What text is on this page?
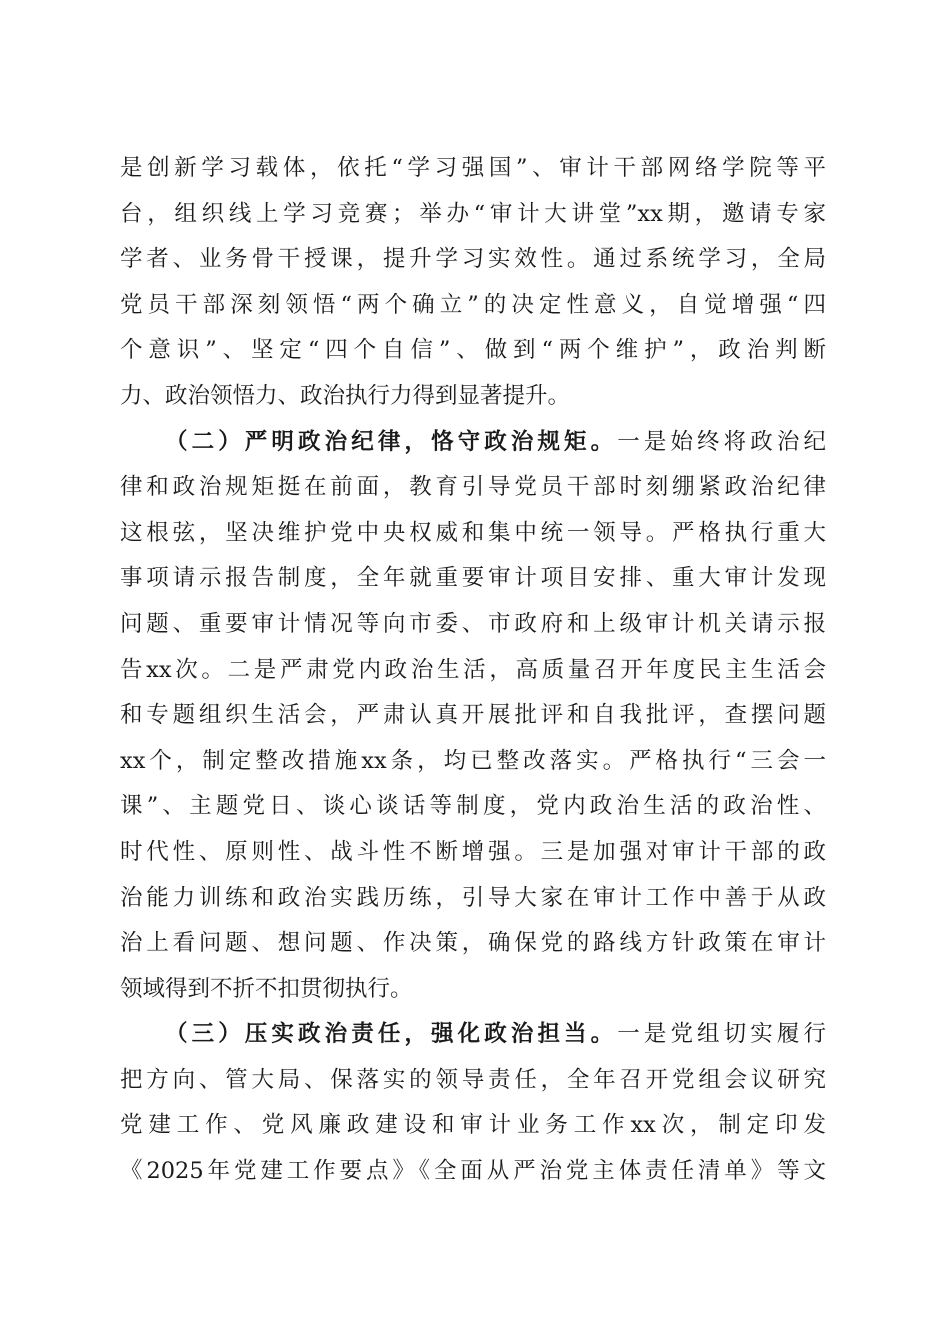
是创新学习载体，依托“学习强国”、审计干部网络学院等平
台，组织线上学习竞赛；举办“审计大讲堂”xx期，邀请专家
学者、业务骨干授课，提升学习实效性。通过系统学习，全局
党员干部深刻领悟“两个确立”的决定性意义，自觉增强“四
个意识”、坚定“四个自信”、做到“两个维护”，政治判断
力、政治领悟力、政治执行力得到显著提升。
（二）严明政治纪律，恪守政治规矩。一是始终将政治纪
律和政治规矩挺在前面，教育引导党员干部时刻绷紧政治纪律
这根弦，坚决维护党中央权威和集中统一领导。严格执行重大
事项请示报告制度，全年就重要审计项目安排、重大审计发现
问题、重要审计情况等向市委、市政府和上级审计机关请示报
告xx次。二是严肃党内政治生活，高质量召开年度民主生活会
和专题组织生活会，严肃认真开展批评和自我批评，查摆问题
xx个，制定整改措施xx条，均已整改落实。严格执行“三会一
课”、主题党日、谈心谈话等制度，党内政治生活的政治性、
时代性、原则性、战斗性不断增强。三是加强对审计干部的政
治能力训练和政治实践历练，引导大家在审计工作中善于从政
治上看问题、想问题、作决策，确保党的路线方针政策在审计
领域得到不折不扣贯彻执行。
（三）压实政治责任，强化政治担当。一是党组切实履行
把方向、管大局、保落实的领导责任，全年召开党组会议研究
党建工作、党风廉政建设和审计业务工作xx次，制定印发
《2025年党建工作要点》《全面从严治党主体责任清单》等文
